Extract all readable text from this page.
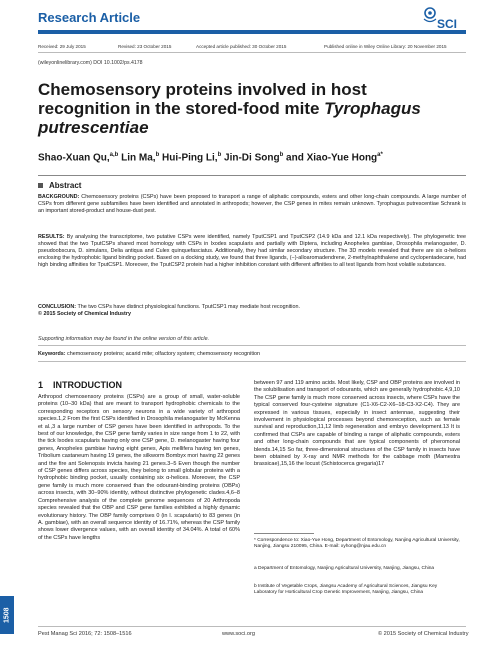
Research Article	SCI
Received: 29 July 2015	Revised: 23 October 2015	Accepted article published: 30 October 2015	Published online in Wiley Online Library: 20 November 2015
(wileyonlinelibrary.com) DOI 10.1002/ps.4178
Chemosensory proteins involved in host recognition in the stored-food mite Tyrophagus putrescentiae
Shao-Xuan Qu,$^{a,b}$ Lin Ma,$^b$ Hui-Ping Li,$^b$ Jin-Di Song$^b$ and Xiao-Yue Hong$^{a*}$
Abstract
BACKGROUND: Chemosensory proteins (CSPs) have been proposed to transport a range of aliphatic compounds, esters and other long-chain compounds. A large number of CSPs from different gene subfamilies have been identified and annotated in arthropods; however, the CSP genes in mites remain unknown. Tyrophagus putrescentiae Schrank is an important stored-product and house-dust pest.
RESULTS: By analysing the transcriptome, two putative CSPs were identified, namely TputCSP1 and TputCSP2 (14.9 kDa and 12.1 kDa respectively). The phylogenetic tree showed that the two TputCSPs shared most homology with CSPs in Ixodes scapularis and partially with Diptera, including Anopheles gambiae, Drosophila melanogaster, D. pseudoobscura, D. simulans, Delia antiqua and Culex quinquefasciatus. Additionally, they had similar secondary structure. The 3D models revealed that there are six α-helices enclosing the hydrophobic ligand binding pocket. Based on a docking study, we found that three ligands, (−)-alloaromadendrene, 2-methylnaphthalene and cyclopentadecane, had high binding affinities for TputCSP1. Moreover, the TputCSP2 protein had a higher inhibition constant with different affinities to all test ligands from host volatile substances.
CONCLUSION: The two CSPs have distinct physiological functions. TputCSP1 may mediate host recognition.
© 2015 Society of Chemical Industry
Supporting information may be found in the online version of this article.
Keywords: chemosensory proteins; acarid mite; olfactory system; chemosensory recognition
1 INTRODUCTION
Arthropod chemosensory proteins (CSPs) are a group of small, water-soluble proteins (10–30 kDa) that are meant to transport hydrophobic chemicals to the corresponding receptors on sensory neurons in a wide variety of arthropod species.1,2 From the first CSPs identified in Drosophila melanogaster by McKenna et al.,3 a large number of CSP genes have been identified in arthropods. To the best of our knowledge, the CSP gene family varies in size range from 1 to 22, with the tick Ixodes scapularis having only one CSP gene, D. melanogaster having four genes, Anopheles gambiae having eight genes, Apis mellifera having ten genes, Tribolium castaneum having 19 genes, the silkworm Bombyx mori having 22 genes and the fire ant Solenopsis invicta having 21 genes.3–5 Even though the number of CSP genes differs across species, they belong to small globular proteins with a hydrophobic binding pocket, usually containing six α-helices. Moreover, the CSP gene family is much more conserved than the odourant-binding proteins (OBPs) across insects, with 30–90% identity, without distinctive phylogenetic clades.4,6–8 Comprehensive analysis of the complete genome sequences of 20 Arthropoda species revealed that the OBP and CSP gene families exhibited a highly dynamic evolutionary history. The OBP family comprises 0 (in I. scapularis) to 83 genes (in A. gambiae), with an overall sequence identity of 16.71%, whereas the CSP family shows lower divergence values, with an overall identity of 34.04%. A total of 60% of the CSPs have lengths
between 97 and 119 amino acids. Most likely, CSP and OBP proteins are involved in the solubilisation and transport of odourants, which are generally hydrophobic.4,9,10 The CSP gene family is much more conserved across insects, where CSPs have the typical conserved four-cysteine signature (C1-X6-C2-X6–18-C3-X2-C4). They are expressed in various tissues, especially in insect antennae, suggesting their involvement in physiological processes beyond chemoreception, such as female survival and reproduction,11,12 limb regeneration and embryo development.13 It is confirmed that CSPs are capable of binding a range of aliphatic compounds, esters and other long-chain compounds that are typical components of pheromonal blends.14,15 So far, three-dimensional structures of the CSP family in insects have been obtained by X-ray and NMR methods for the cabbage moth (Mamestra brassicae),15,16 the locust (Schistocerca gregaria)17
* Correspondence to: Xiao-Yue Hong, Department of Entomology, Nanjing Agricultural University, Nanjing, Jiangsu 210095, China. E-mail: xyhong@njau.edu.cn
a Department of Entomology, Nanjing Agricultural University, Nanjing, Jiangsu, China
b Institute of Vegetable Crops, Jiangsu Academy of Agricultural Sciences, Jiangsu Key Laboratory for Horticultural Crop Genetic Improvement, Nanjing, Jiangsu, China
1508
Pest Manag Sci 2016; 72: 1508–1516	www.soci.org	© 2015 Society of Chemical Industry
